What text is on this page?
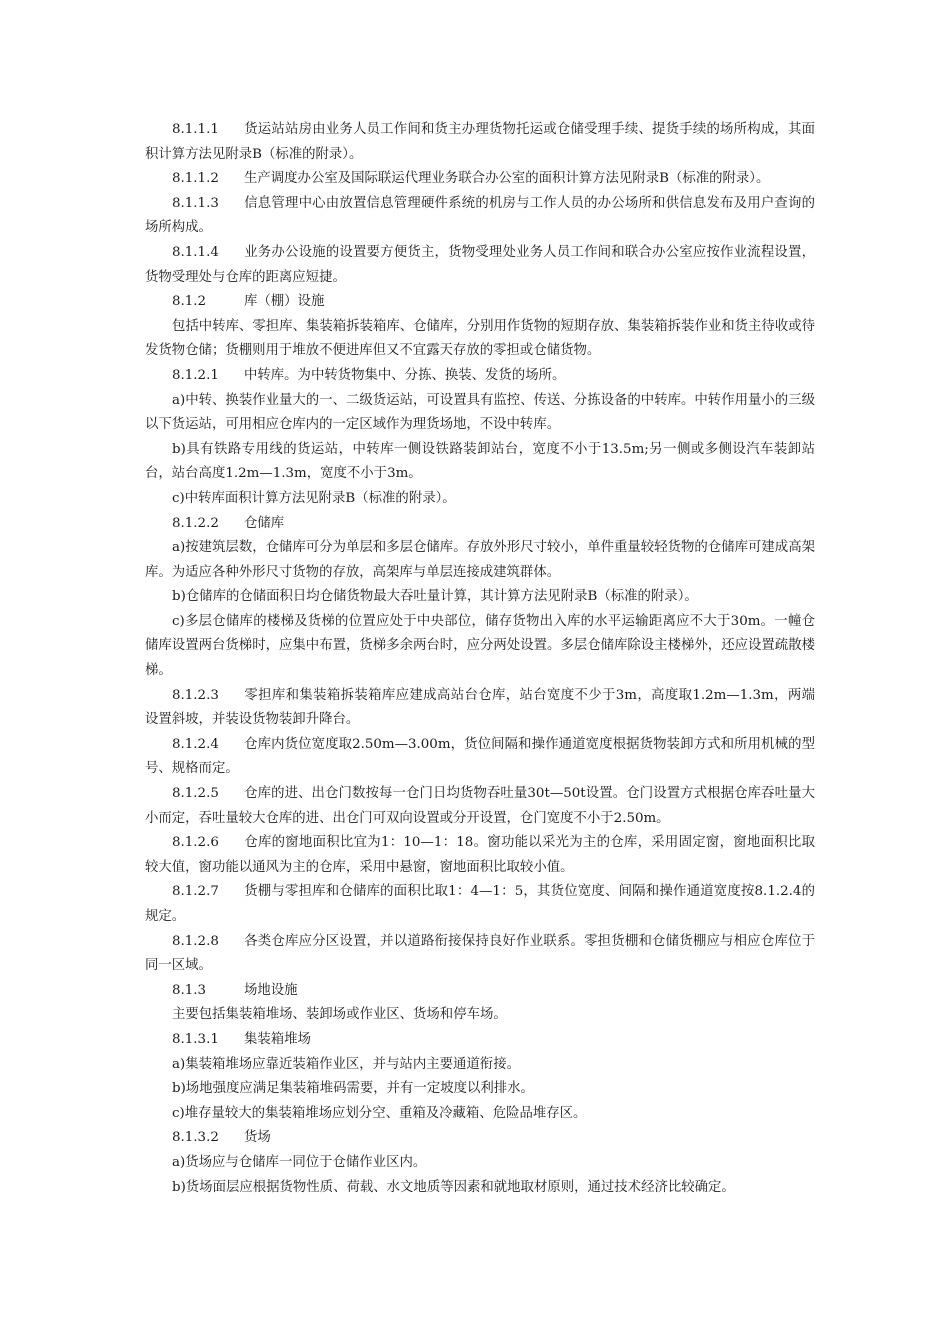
8.1.1.1 货运站站房由业务人员工作间和货主办理货物托运或仓储受理手续、提货手续的场所构成，其面积计算方法见附录B（标准的附录）。

8.1.1.2 生产调度办公室及国际联运代理业务联合办公室的面积计算方法见附录B（标准的附录）。

8.1.1.3 信息管理中心由放置信息管理硬件系统的机房与工作人员的办公场所和供信息发布及用户查询的场所构成。

8.1.1.4 业务办公设施的设置要方便货主，货物受理处业务人员工作间和联合办公室应按作业流程设置，货物受理处与仓库的距离应短捷。

8.1.2	库（棚）设施

包括中转库、零担库、集装箱拆装箱库、仓储库，分别用作货物的短期存放、集装箱拆装作业和货主待收或待发货物仓储；货棚则用于堆放不便进库但又不宜露天存放的零担或仓储货物。

8.1.2.1 中转库。为中转货物集中、分拣、换装、发货的场所。

a)中转、换装作业量大的一、二级货运站，可设置具有监控、传送、分拣设备的中转库。中转作用量小的三级以下货运站，可用相应仓库内的一定区域作为理货场地，不设中转库。

b)具有铁路专用线的货运站，中转库一侧设铁路装卸站台，宽度不小于13.5m;另一侧或多侧设汽车装卸站台，站台高度1.2m—1.3m，宽度不小于3m。

c)中转库面积计算方法见附录B（标准的附录）。

8.1.2.2 仓储库

a)按建筑层数，仓储库可分为单层和多层仓储库。存放外形尺寸较小，单件重量较轻货物的仓储库可建成高架库。为适应各种外形尺寸货物的存放，高架库与单层连接成建筑群体。

b)仓储库的仓储面积日均仓储货物最大吞吐量计算，其计算方法见附录B（标准的附录）。

c)多层仓储库的楼梯及货梯的位置应处于中央部位，储存货物出入库的水平运输距离应不大于30m。一幢仓储库设置两台货梯时，应集中布置，货梯多余两台时，应分两处设置。多层仓储库除设主楼梯外，还应设置疏散楼梯。

8.1.2.3 零担库和集装箱拆装箱库应建成高站台仓库，站台宽度不少于3m，高度取1.2m—1.3m，两端设置斜坡，并装设货物装卸升降台。

8.1.2.4 仓库内货位宽度取2.50m—3.00m，货位间隔和操作通道宽度根据货物装卸方式和所用机械的型号、规格而定。

8.1.2.5 仓库的进、出仓门数按每一仓门日均货物吞吐量30t—50t设置。仓门设置方式根据仓库吞吐量大小而定，吞吐量较大仓库的进、出仓门可双向设置或分开设置，仓门宽度不小于2.50m。

8.1.2.6 仓库的窗地面积比宜为1：10—1：18。窗功能以采光为主的仓库，采用固定窗，窗地面积比取较大值，窗功能以通风为主的仓库，采用中悬窗，窗地面积比取较小值。

8.1.2.7 货棚与零担库和仓储库的面积比取1：4—1：5，其货位宽度、间隔和操作通道宽度按8.1.2.4的规定。

8.1.2.8 各类仓库应分区设置，并以道路衔接保持良好作业联系。零担货棚和仓储货棚应与相应仓库位于同一区域。

8.1.3	场地设施

主要包括集装箱堆场、装卸场或作业区、货场和停车场。

8.1.3.1 集装箱堆场

a)集装箱堆场应靠近装箱作业区，并与站内主要通道衔接。

b)场地强度应满足集装箱堆码需要，并有一定坡度以利排水。

c)堆存量较大的集装箱堆场应划分空、重箱及冷藏箱、危险品堆存区。

8.1.3.2 货场

a)货场应与仓储库一同位于仓储作业区内。

b)货场面层应根据货物性质、荷载、水文地质等因素和就地取材原则，通过技术经济比较确定。
